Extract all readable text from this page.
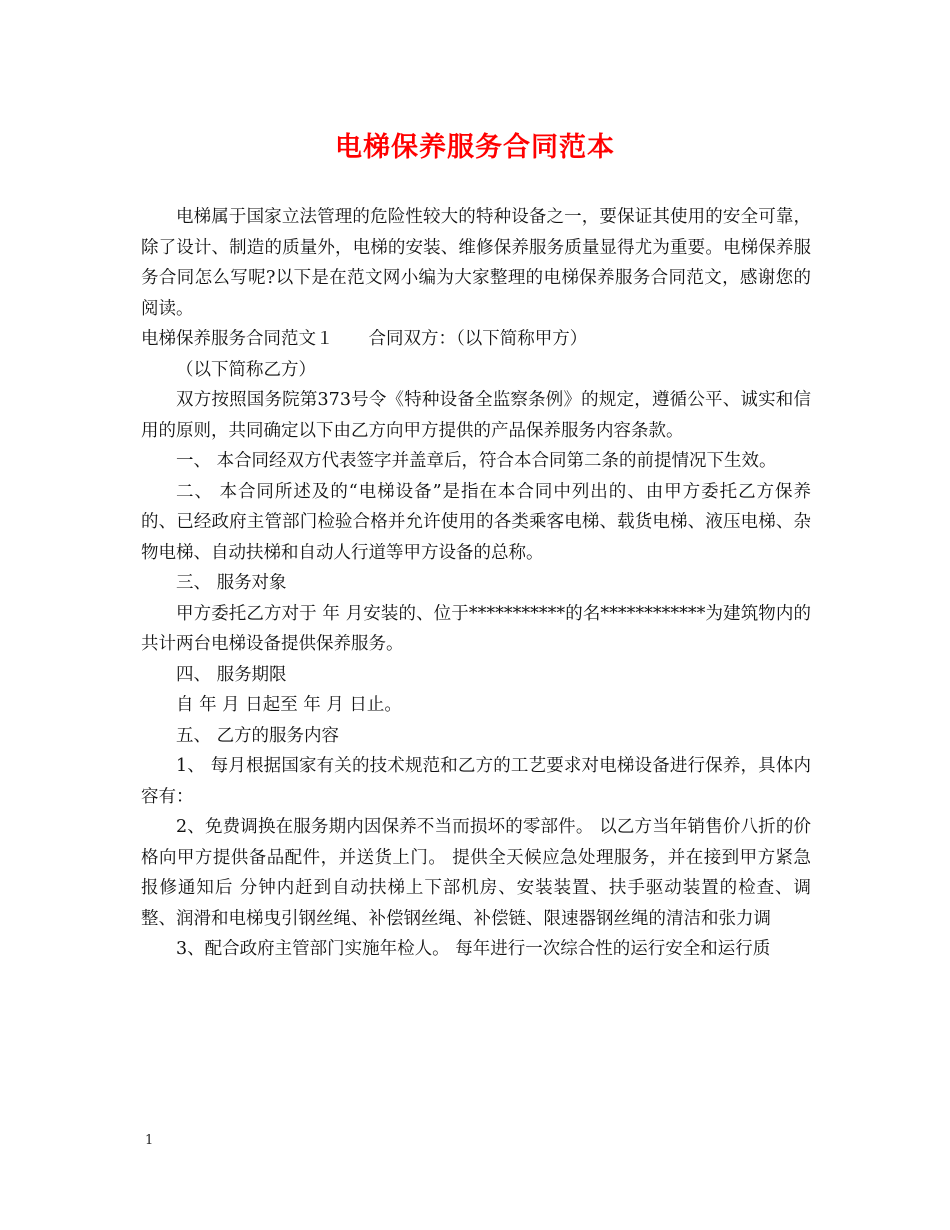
电梯保养服务合同范本

电梯属于国家立法管理的危险性较大的特种设备之一，要保证其使用的安全可靠，除了设计、制造的质量外，电梯的安装、维修保养服务质量显得尤为重要。电梯保养服务合同怎么写呢?以下是在范文网小编为大家整理的电梯保养服务合同范文，感谢您的阅读。

电梯保养服务合同范文１　　合同双方：（以下简称甲方）

（以下简称乙方）

双方按照国务院第373号令《特种设备全监察条例》的规定，遵循公平、诚实和信用的原则，共同确定以下由乙方向甲方提供的产品保养服务内容条款。

一、 本合同经双方代表签字并盖章后，符合本合同第二条的前提情况下生效。

二、 本合同所述及的“电梯设备”是指在本合同中列出的、由甲方委托乙方保养的、已经政府主管部门检验合格并允许使用的各类乘客电梯、载货电梯、液压电梯、杂物电梯、自动扶梯和自动人行道等甲方设备的总称。

三、 服务对象

甲方委托乙方对于 年 月安装的、位于***********的名************为建筑物内的共计两台电梯设备提供保养服务。

四、 服务期限

自 年 月 日起至 年 月 日止。

五、 乙方的服务内容

1、 每月根据国家有关的技术规范和乙方的工艺要求对电梯设备进行保养，具体内容有：

2、免费调换在服务期内因保养不当而损坏的零部件。 以乙方当年销售价八折的价格向甲方提供备品配件，并送货上门。 提供全天候应急处理服务，并在接到甲方紧急报修通知后 分钟内赶到自动扶梯上下部机房、安装装置、扶手驱动装置的检查、调整、润滑和电梯曳引钢丝绳、补偿钢丝绳、补偿链、限速器钢丝绳的清洁和张力调

3、配合政府主管部门实施年检人。 每年进行一次综合性的运行安全和运行质

1
